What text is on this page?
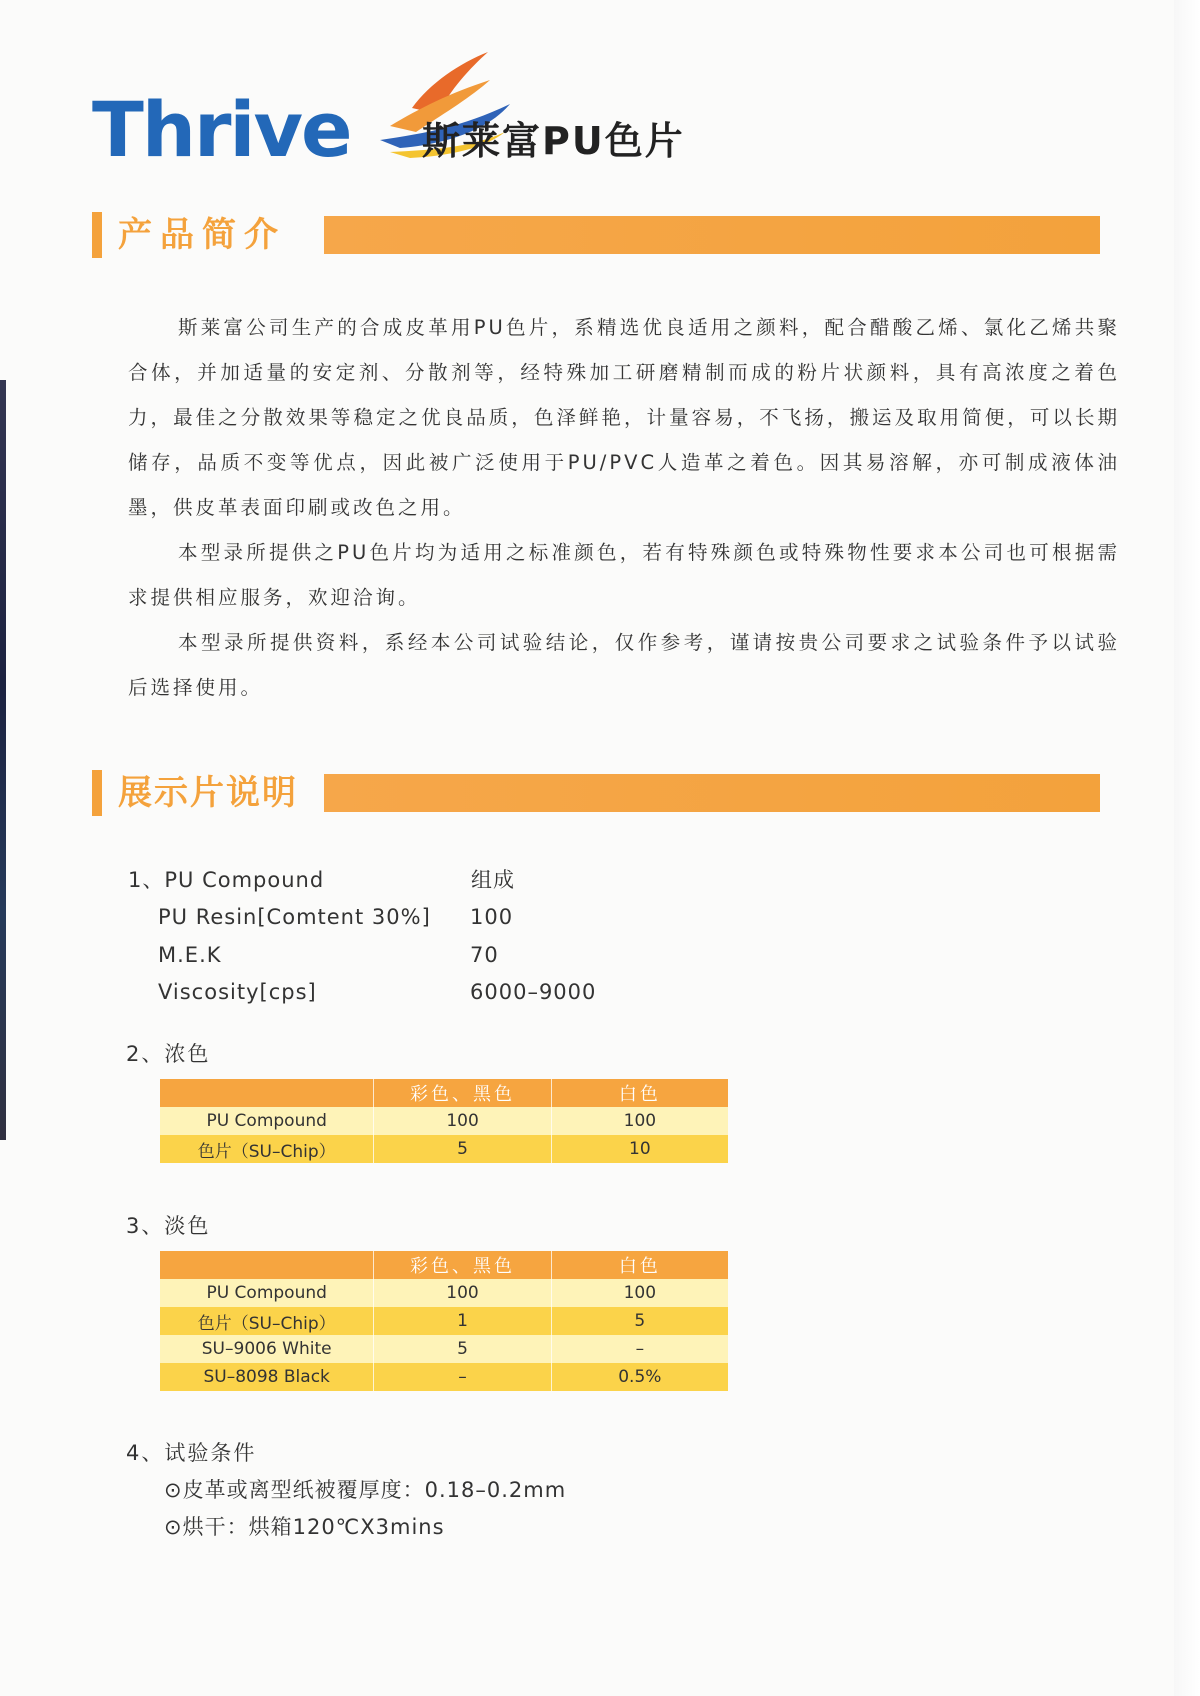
Thrive 斯莱富PU色片
产品简介

斯莱富公司生产的合成皮革用PU色片，系精选优良适用之颜料，配合醋酸乙烯、氯化乙烯共聚合体，并加适量的安定剂、分散剂等，经特殊加工研磨精制而成的粉片状颜料，具有高浓度之着色力，最佳之分散效果等稳定之优良品质，色泽鲜艳，计量容易，不飞扬，搬运及取用简便，可以长期储存，品质不变等优点，因此被广泛使用于PU/PVC人造革之着色。因其易溶解，亦可制成液体油墨，供皮革表面印刷或改色之用。

本型录所提供之PU色片均为适用之标准颜色，若有特殊颜色或特殊物性要求本公司也可根据需求提供相应服务，欢迎洽询。

本型录所提供资料，系经本公司试验结论，仅作参考，谨请按贵公司要求之试验条件予以试验后选择使用。

展示片说明
1、PU Compound	组成
PU Resin[Comtent 30%] 100
M.E.K	70
Viscosity[cps]	6000–9000
2、浓色
	彩色、黑色	白色
PU Compound	100	100
色片（SU–Chip）	5	10
3、淡色
	彩色、黑色	白色
PU Compound	100	100
色片（SU–Chip）	1	5
SU–9006 White	5	–
SU–8098 Black	–	0.5%
4、试验条件
⊙皮革或离型纸被覆厚度：0.18–0.2mm
⊙烘干：烘箱120℃X3mins
